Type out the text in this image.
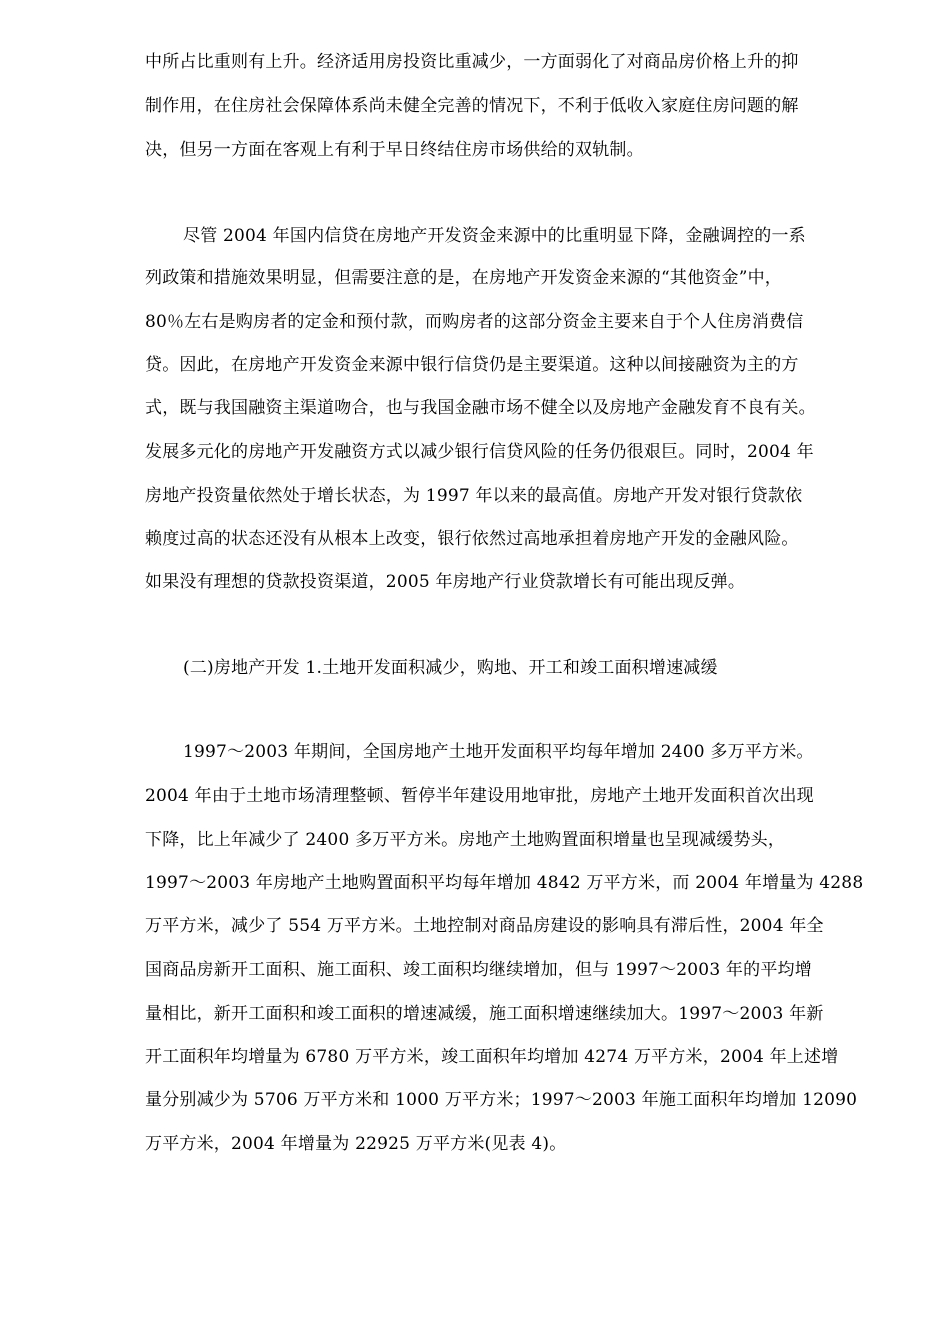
中所占比重则有上升。经济适用房投资比重减少，一方面弱化了对商品房价格上升的抑
制作用，在住房社会保障体系尚未健全完善的情况下，不利于低收入家庭住房问题的解
决，但另一方面在客观上有利于早日终结住房市场供给的双轨制。
尽管 2004 年国内信贷在房地产开发资金来源中的比重明显下降，金融调控的一系
列政策和措施效果明显，但需要注意的是，在房地产开发资金来源的“其他资金”中，
80％左右是购房者的定金和预付款，而购房者的这部分资金主要来自于个人住房消费信
贷。因此，在房地产开发资金来源中银行信贷仍是主要渠道。这种以间接融资为主的方
式，既与我国融资主渠道吻合，也与我国金融市场不健全以及房地产金融发育不良有关。
发展多元化的房地产开发融资方式以减少银行信贷风险的任务仍很艰巨。同时，2004 年
房地产投资量依然处于增长状态，为 1997 年以来的最高值。房地产开发对银行贷款依
赖度过高的状态还没有从根本上改变，银行依然过高地承担着房地产开发的金融风险。
如果没有理想的贷款投资渠道，2005 年房地产行业贷款增长有可能出现反弹。
(二)房地产开发 1.土地开发面积减少，购地、开工和竣工面积增速减缓
1997～2003 年期间，全国房地产土地开发面积平均每年增加 2400 多万平方米。
2004 年由于土地市场清理整顿、暂停半年建设用地审批，房地产土地开发面积首次出现
下降，比上年减少了 2400 多万平方米。房地产土地购置面积增量也呈现减缓势头，
1997～2003 年房地产土地购置面积平均每年增加 4842 万平方米，而 2004 年增量为 4288
万平方米，减少了 554 万平方米。土地控制对商品房建设的影响具有滞后性，2004 年全
国商品房新开工面积、施工面积、竣工面积均继续增加，但与 1997～2003 年的平均增
量相比，新开工面积和竣工面积的增速减缓，施工面积增速继续加大。1997～2003 年新
开工面积年均增量为 6780 万平方米，竣工面积年均增加 4274 万平方米，2004 年上述增
量分别减少为 5706 万平方米和 1000 万平方米；1997～2003 年施工面积年均增加 12090
万平方米，2004 年增量为 22925 万平方米(见表 4)。
